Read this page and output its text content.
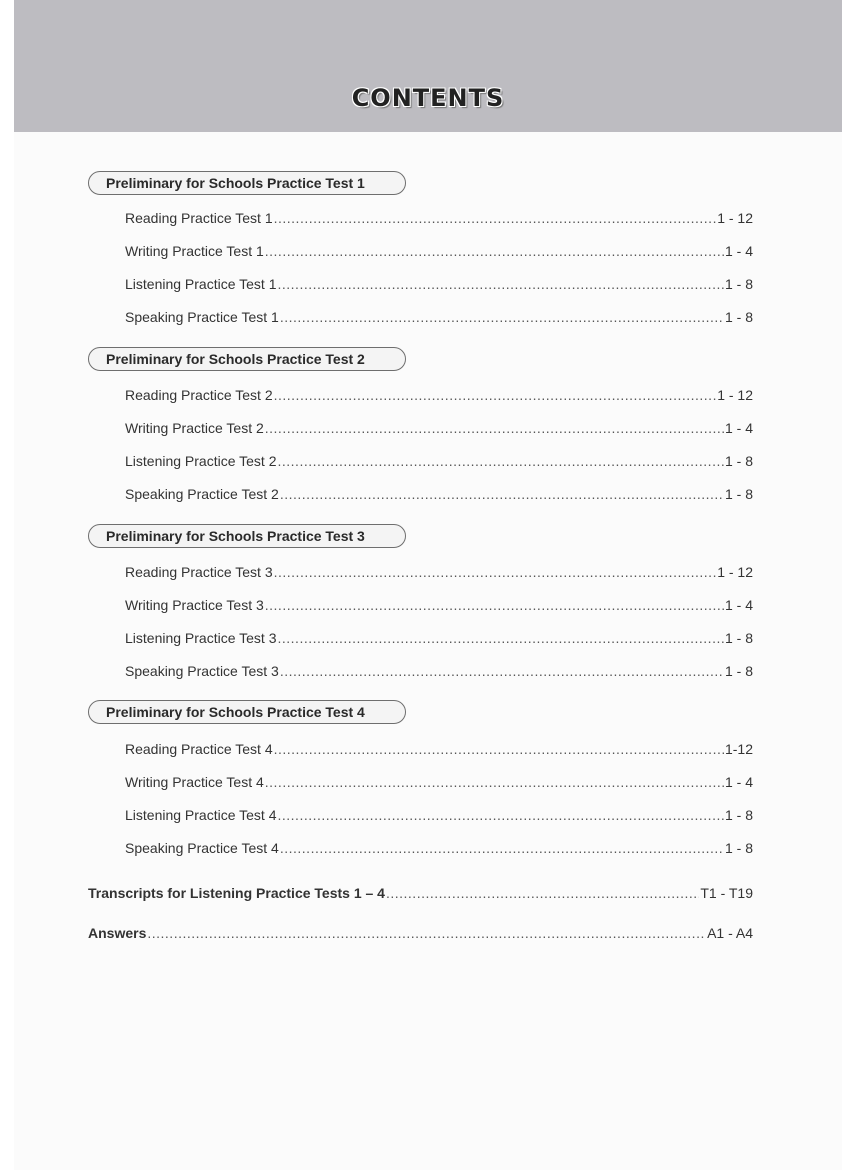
CONTENTS
Preliminary for Schools Practice Test 1
Reading Practice Test 1 .....	1 - 12
Writing Practice Test 1 .....	1 - 4
Listening Practice Test 1 .....	1 - 8
Speaking Practice Test 1 .....	1 - 8
Preliminary for Schools Practice Test 2
Reading Practice Test 2 .....	1 - 12
Writing Practice Test 2 .....	1 - 4
Listening Practice Test 2 .....	1 - 8
Speaking Practice Test 2 .....	1 - 8
Preliminary for Schools Practice Test 3
Reading Practice Test 3 .....	1 - 12
Writing Practice Test 3 .....	1 - 4
Listening Practice Test 3 .....	1 - 8
Speaking Practice Test 3 .....	1 - 8
Preliminary for Schools Practice Test 4
Reading Practice Test 4 .....	1-12
Writing Practice Test 4 .....	1 - 4
Listening Practice Test 4 .....	1 - 8
Speaking Practice Test 4 .....	1 - 8
Transcripts for Listening Practice Tests 1 – 4 .....	T1 - T19
Answers .....	A1 - A4
